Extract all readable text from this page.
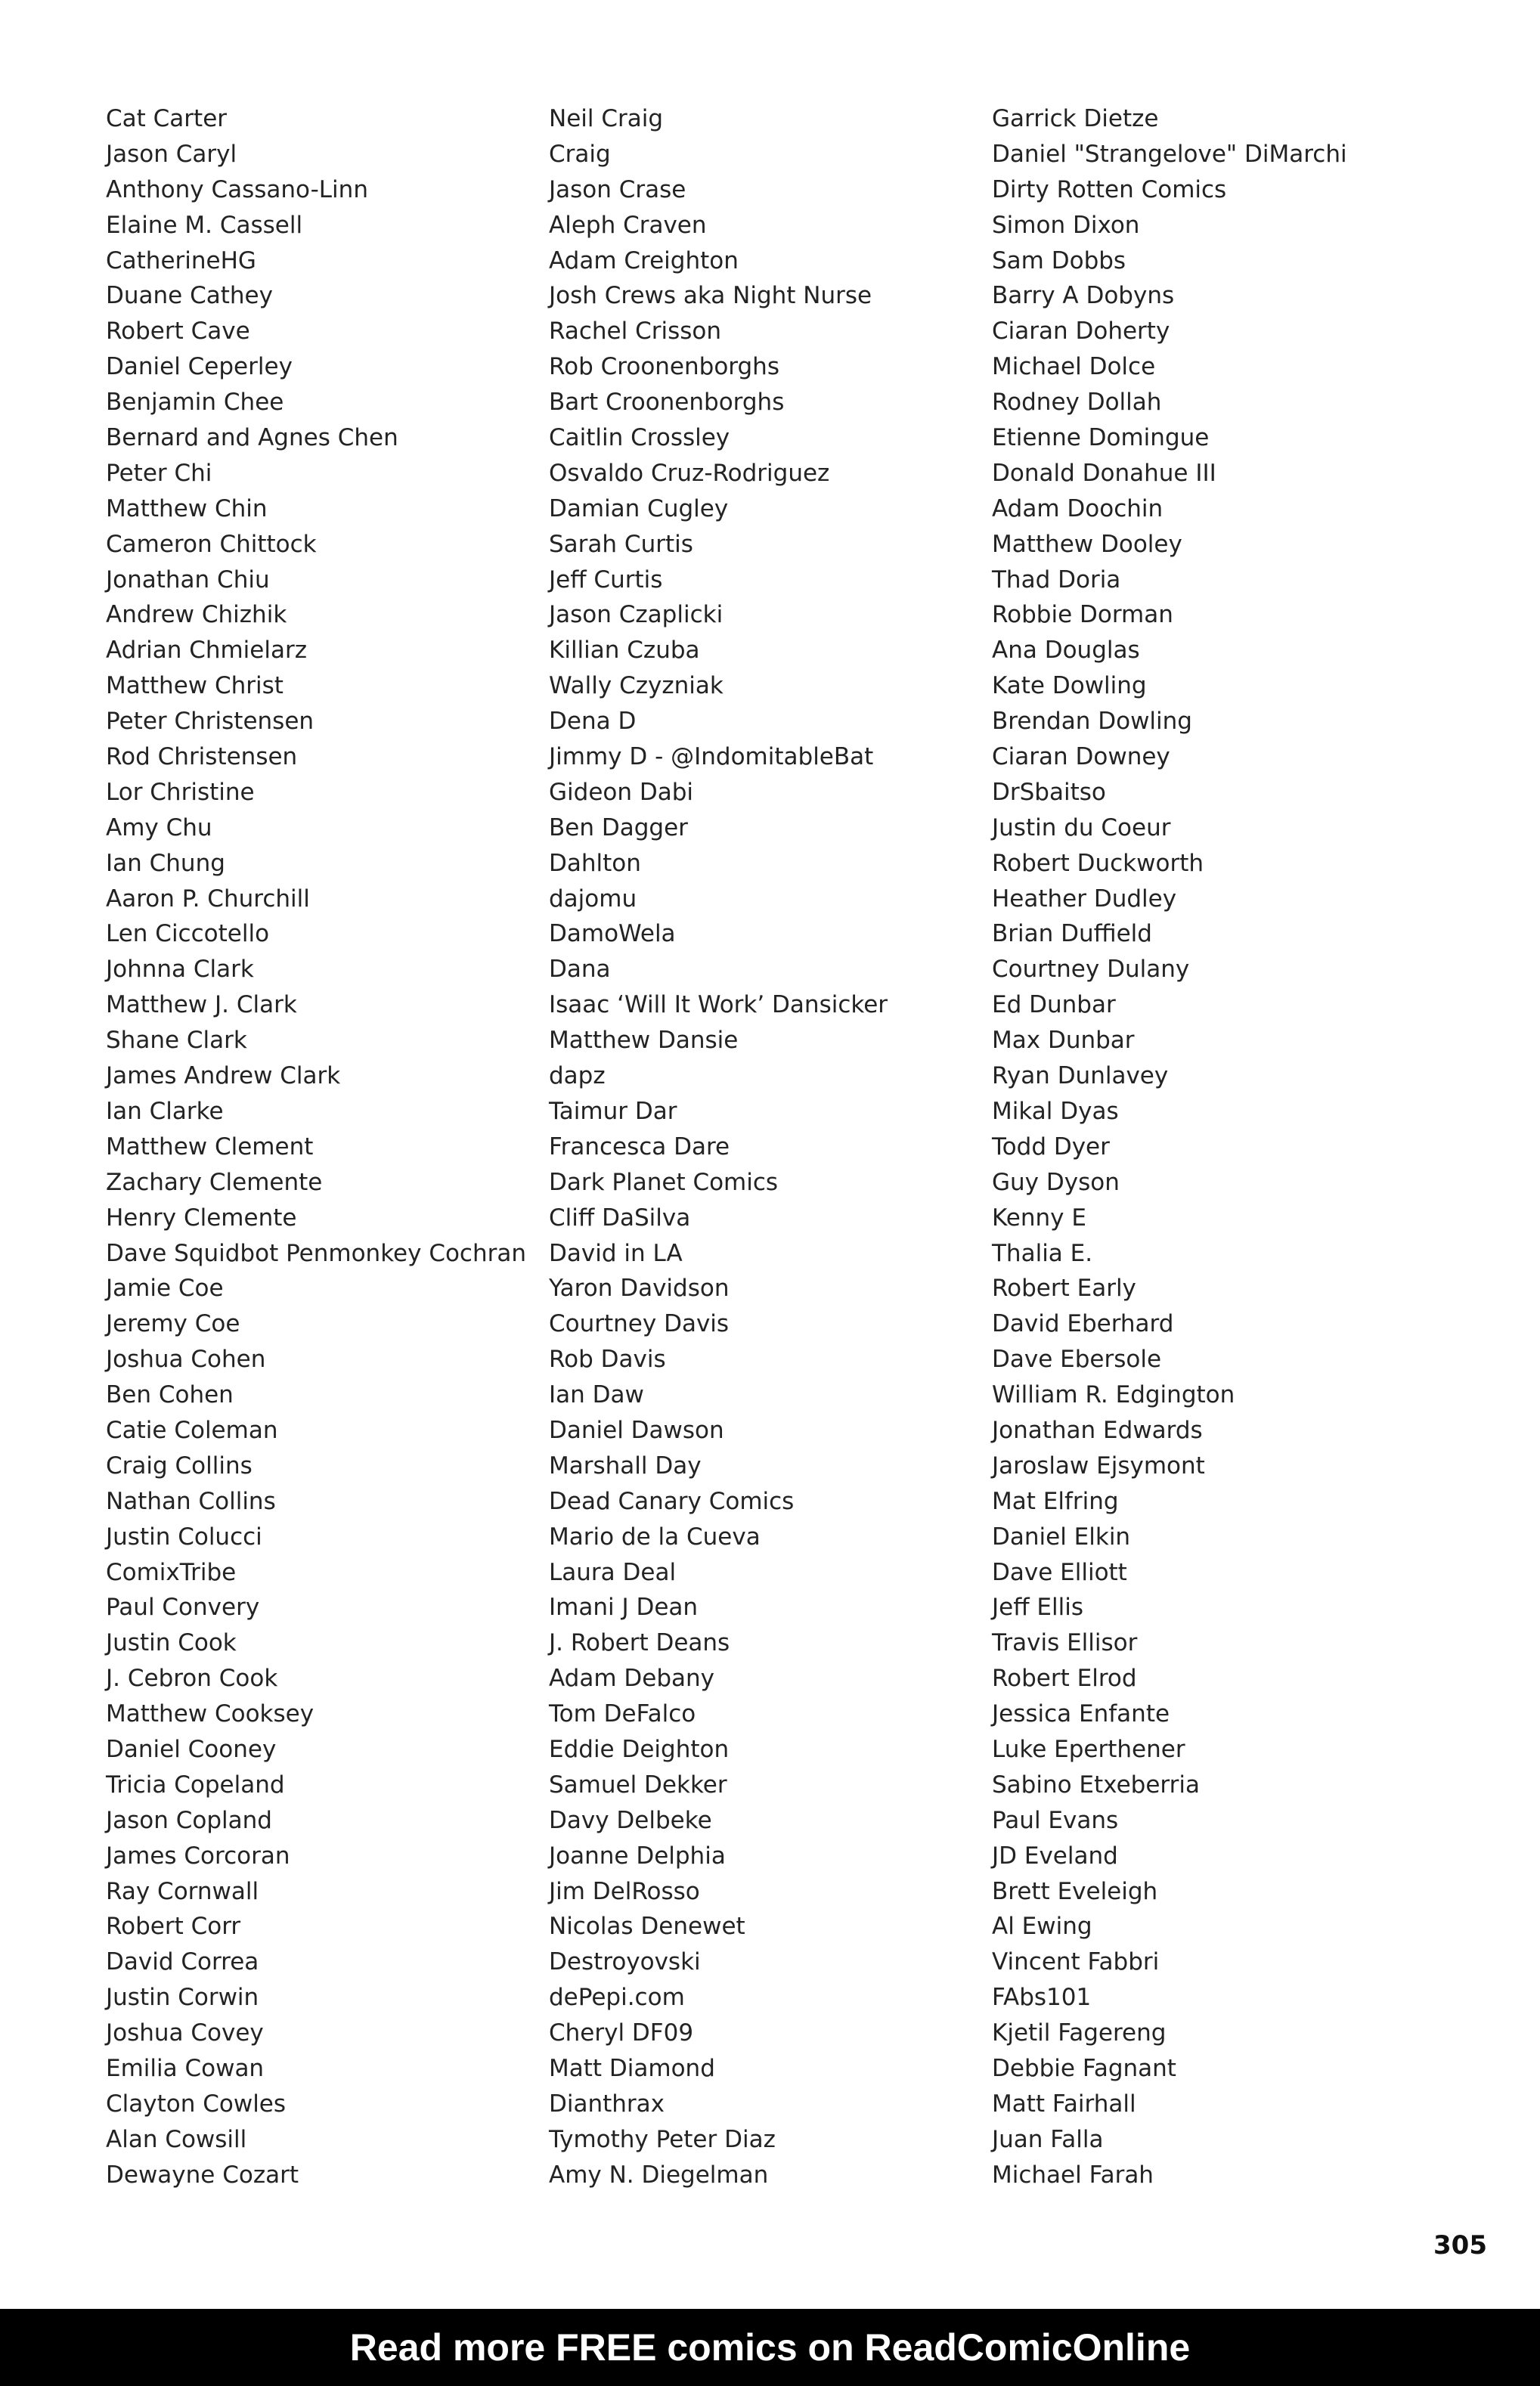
Cat Carter
Jason Caryl
Anthony Cassano-Linn
Elaine M. Cassell
CatherineHG
Duane Cathey
Robert Cave
Daniel Ceperley
Benjamin Chee
Bernard and Agnes Chen
Peter Chi
Matthew Chin
Cameron Chittock
Jonathan Chiu
Andrew Chizhik
Adrian Chmielarz
Matthew Christ
Peter Christensen
Rod Christensen
Lor Christine
Amy Chu
Ian Chung
Aaron P. Churchill
Len Ciccotello
Johnna Clark
Matthew J. Clark
Shane Clark
James Andrew Clark
Ian Clarke
Matthew Clement
Zachary Clemente
Henry Clemente
Dave Squidbot Penmonkey Cochran
Jamie Coe
Jeremy Coe
Joshua Cohen
Ben Cohen
Catie Coleman
Craig Collins
Nathan Collins
Justin Colucci
ComixTribe
Paul Convery
Justin Cook
J. Cebron Cook
Matthew Cooksey
Daniel Cooney
Tricia Copeland
Jason Copland
James Corcoran
Ray Cornwall
Robert Corr
David Correa
Justin Corwin
Joshua Covey
Emilia Cowan
Clayton Cowles
Alan Cowsill
Dewayne Cozart
Neil Craig
Craig
Jason Crase
Aleph Craven
Adam Creighton
Josh Crews aka Night Nurse
Rachel Crisson
Rob Croonenborghs
Bart Croonenborghs
Caitlin Crossley
Osvaldo Cruz-Rodriguez
Damian Cugley
Sarah Curtis
Jeff Curtis
Jason Czaplicki
Killian Czuba
Wally Czyzniak
Dena D
Jimmy D - @IndomitableBat
Gideon Dabi
Ben Dagger
Dahlton
dajomu
DamoWela
Dana
Isaac ‘Will It Work’ Dansicker
Matthew Dansie
dapz
Taimur Dar
Francesca Dare
Dark Planet Comics
Cliff DaSilva
David in LA
Yaron Davidson
Courtney Davis
Rob Davis
Ian Daw
Daniel Dawson
Marshall Day
Dead Canary Comics
Mario de la Cueva
Laura Deal
Imani J Dean
J. Robert Deans
Adam Debany
Tom DeFalco
Eddie Deighton
Samuel Dekker
Davy Delbeke
Joanne Delphia
Jim DelRosso
Nicolas Denewet
Destroyovski
dePepi.com
Cheryl DF09
Matt Diamond
Dianthrax
Tymothy Peter Diaz
Amy N. Diegelman
Garrick Dietze
Daniel "Strangelove" DiMarchi
Dirty Rotten Comics
Simon Dixon
Sam Dobbs
Barry A Dobyns
Ciaran Doherty
Michael Dolce
Rodney Dollah
Etienne Domingue
Donald Donahue III
Adam Doochin
Matthew Dooley
Thad Doria
Robbie Dorman
Ana Douglas
Kate Dowling
Brendan Dowling
Ciaran Downey
DrSbaitso
Justin du Coeur
Robert Duckworth
Heather Dudley
Brian Duffield
Courtney Dulany
Ed Dunbar
Max Dunbar
Ryan Dunlavey
Mikal Dyas
Todd Dyer
Guy Dyson
Kenny E
Thalia E.
Robert Early
David Eberhard
Dave Ebersole
William R. Edgington
Jonathan Edwards
Jaroslaw Ejsymont
Mat Elfring
Daniel Elkin
Dave Elliott
Jeff Ellis
Travis Ellisor
Robert Elrod
Jessica Enfante
Luke Eperthener
Sabino Etxeberria
Paul Evans
JD Eveland
Brett Eveleigh
Al Ewing
Vincent Fabbri
FAbs101
Kjetil Fagereng
Debbie Fagnant
Matt Fairhall
Juan Falla
Michael Farah
305
Read more FREE comics on ReadComicOnline
